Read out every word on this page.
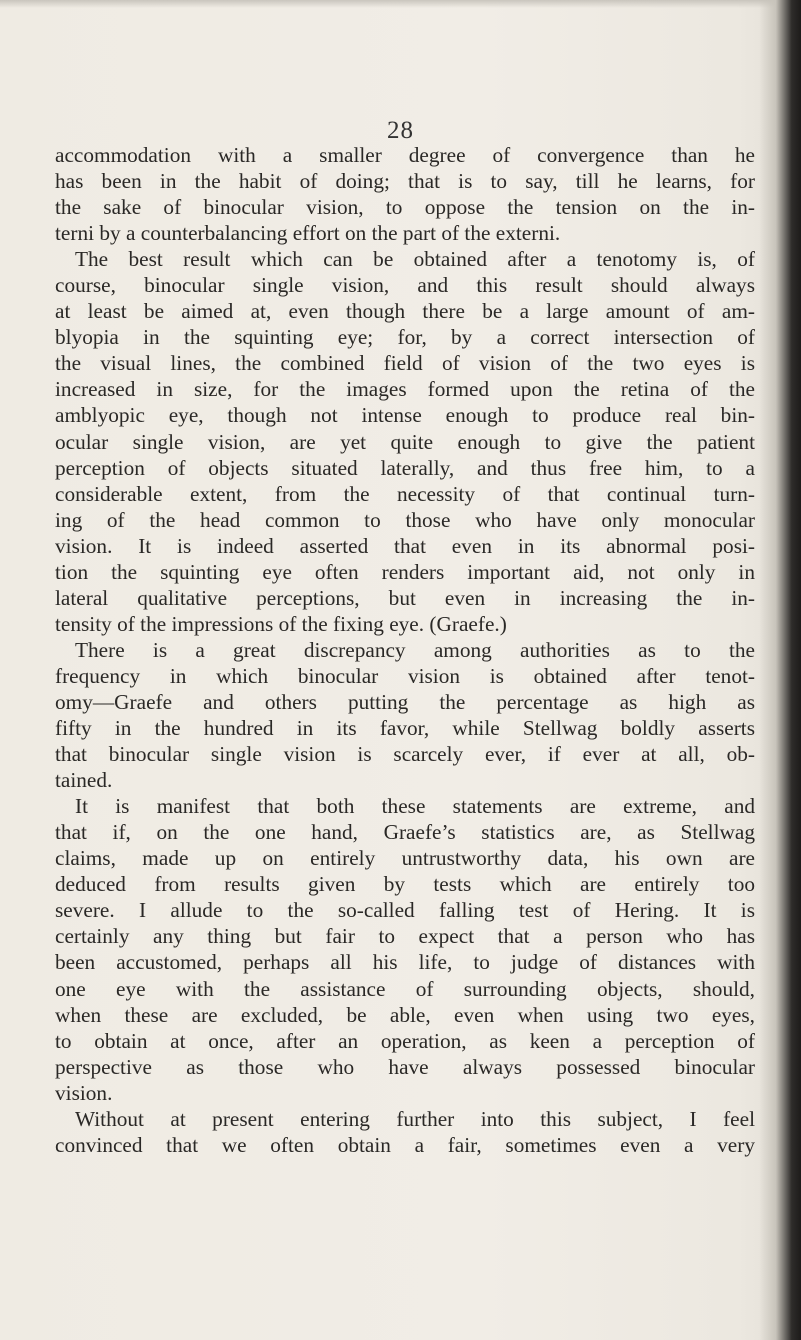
28
accommodation with a smaller degree of convergence than he
has been in the habit of doing; that is to say, till he learns, for
the sake of binocular vision, to oppose the tension on the in-
terni by a counterbalancing effort on the part of the externi.
The best result which can be obtained after a tenotomy is, of
course, binocular single vision, and this result should always
at least be aimed at, even though there be a large amount of am-
blyopia in the squinting eye; for, by a correct intersection of
the visual lines, the combined field of vision of the two eyes is
increased in size, for the images formed upon the retina of the
amblyopic eye, though not intense enough to produce real bin-
ocular single vision, are yet quite enough to give the patient
perception of objects situated laterally, and thus free him, to a
considerable extent, from the necessity of that continual turn-
ing of the head common to those who have only monocular
vision. It is indeed asserted that even in its abnormal posi-
tion the squinting eye often renders important aid, not only in
lateral qualitative perceptions, but even in increasing the in-
tensity of the impressions of the fixing eye. (Graefe.)
There is a great discrepancy among authorities as to the
frequency in which binocular vision is obtained after tenot-
omy—Graefe and others putting the percentage as high as
fifty in the hundred in its favor, while Stellwag boldly asserts
that binocular single vision is scarcely ever, if ever at all, ob-
tained.
It is manifest that both these statements are extreme, and
that if, on the one hand, Graefe’s statistics are, as Stellwag
claims, made up on entirely untrustworthy data, his own are
deduced from results given by tests which are entirely too
severe. I allude to the so-called falling test of Hering. It is
certainly any thing but fair to expect that a person who has
been accustomed, perhaps all his life, to judge of distances with
one eye with the assistance of surrounding objects, should,
when these are excluded, be able, even when using two eyes,
to obtain at once, after an operation, as keen a perception of
perspective as those who have always possessed binocular
vision.
Without at present entering further into this subject, I feel
convinced that we often obtain a fair, sometimes even a very
